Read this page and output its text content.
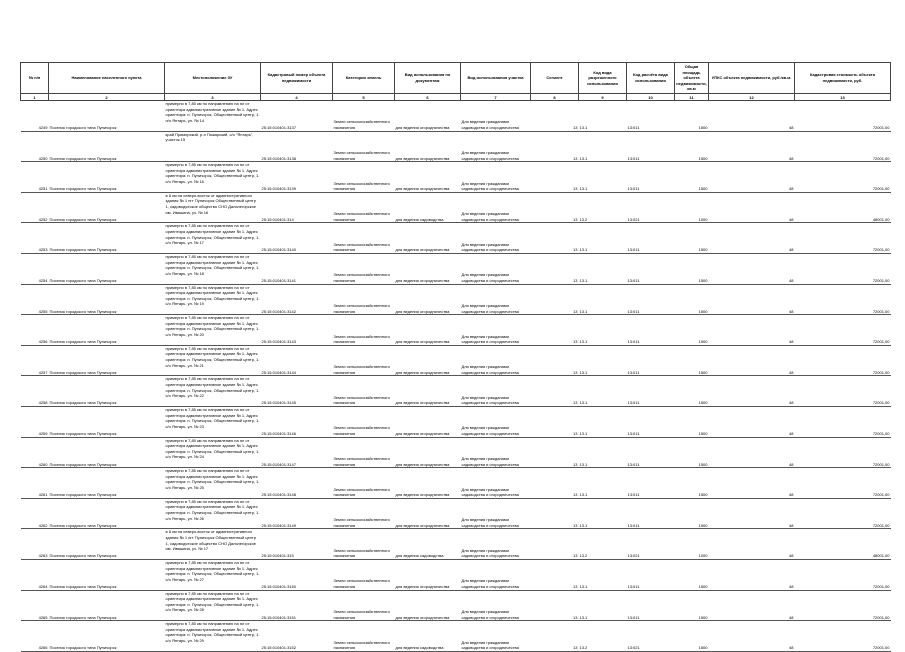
№ п/п	Наименование населенного пункта	Местоположение ЗУ	Кадастровый номер объекта недвижимости	Категория земель	Вид использования по документам	Вид использования участка	Сегмент	Код вида разрешенного использования	Код расчёта вида использования	Общая площадь объекта недвижимости, кв.м	УПКС объекта недвижимости, руб./кв.м.	Кадастровая стоимость объекта недвижимости, руб.
1	2	3	4	5	6	7	8	9	10	11	12	13
4249	Поселок городского типа Пуничорск	примерно в 7,85 км по направлению на юг от ориентира административное здание № 1. Адрес ориентира: п. Пуничорск, Общественный центр, 1. п/о Янтарь, ул. № 14	25:15:010401:3137	Земли сельскохозяйственного назначения	для ведения огородничества	Для ведения гражданами садоводства и огородничества	13	13.1	13:011	1500	48	72001,00
4250	Поселок городского типа Пуничорск	край Приморский, р-н Пожарский, с/о "Янтарь", участок 15	25:15:010401:3138	Земли сельскохозяйственного назначения	для ведения огородничества	Для ведения гражданами садоводства и огородничества	13	13.1	13:011	1500	48	72001,00
4251	Поселок городского типа Пуничорск	примерно в 7,85 км по направлению на юг от ориентира административное здание № 1. Адрес ориентира: п. Пуничорск, Общественный центр, 1. с/о Янтарь, ул. № 16	25:15:010401:3139	Земли сельскохозяйственного назначения	для ведения огородничества	Для ведения гражданами садоводства и огородничества	13	13.1	13:011	1500	48	72001,00
4252	Поселок городского типа Пуничорск	в 8 км на северо-восток от административного здания № 1 пгт Пуничорск Общественный центр 1, садоводческое общество СНО Дальнегорское им. Ивашина, уч. № 16	25:15:010401:314	Земли сельскохозяйственного назначения	для ведения садоводства	Для ведения гражданами садоводства и огородничества	13	13.2	13:021	1000	48	48001,00
4253	Поселок городского типа Пуничорск	примерно в 7,85 км по направлению на юг от ориентира административное здание № 1. Адрес ориентира: п. Пуничорск, Общественный центр, 1. с/о Янтарь, ул. № 17	25:15:010401:3140	Земли сельскохозяйственного назначения	для ведения огородничества	Для ведения гражданами садоводства и огородничества	13	13.1	13:011	1500	48	72001,00
4254	Поселок городского типа Пуничорск	примерно в 7,85 км по направлению на юг от ориентира административное здание № 1. Адрес ориентира: п. Пуничорск, Общественный центр, 1. с/о Янтарь, ул. № 18	25:15:010401:3141	Земли сельскохозяйственного назначения	для ведения огородничества	Для ведения гражданами садоводства и огородничества	13	13.1	13:011	1500	48	72001,00
4255	Поселок городского типа Пуничорск	примерно в 7,85 км по направлению на юг от ориентира административное здание № 1. Адрес ориентира: п. Пуничорск, Общественный центр, 1. с/о Янтарь, ул. № 19	25:15:010401:3142	Земли сельскохозяйственного назначения	для ведения огородничества	Для ведения гражданами садоводства и огородничества	13	13.1	13:011	1500	48	72001,00
4256	Поселок городского типа Пуничорск	примерно в 7,85 км по направлению на юг от ориентира административное здание № 1. Адрес ориентира: п. Пуничорск, Общественный центр, 1. с/о Янтарь, ул. № 20	25:15:010401:3143	Земли сельскохозяйственного назначения	для ведения огородничества	Для ведения гражданами садоводства и огородничества	13	13.1	13:011	1500	48	72001,00
4257	Поселок городского типа Пуничорск	примерно в 7,85 км по направлению на юг от ориентира административное здание № 1. Адрес ориентира: п. Пуничорск, Общественный центр, 1. с/о Янтарь, ул. № 21	25:15:010401:3144	Земли сельскохозяйственного назначения	для ведения огородничества	Для ведения гражданами садоводства и огородничества	13	13.1	13:011	1500	48	72001,00
4258	Поселок городского типа Пуничорск	примерно в 7,85 км по направлению на юг от ориентира административное здание № 1. Адрес ориентира: п. Пуничорск, Общественный центр, 1. с/о Янтарь, ул. № 22	25:15:010401:3145	Земли сельскохозяйственного назначения	для ведения огородничества	Для ведения гражданами садоводства и огородничества	13	13.1	13:011	1500	48	72001,00
4259	Поселок городского типа Пуничорск	примерно в 7,85 км по направлению на юг от ориентира административное здание № 1. Адрес ориентира: п. Пуничорск, Общественный центр, 1. с/о Янтарь, ул. № 23	25:15:010401:3146	Земли сельскохозяйственного назначения	для ведения огородничества	Для ведения гражданами садоводства и огородничества	13	13.1	13:011	1500	48	72001,00
4260	Поселок городского типа Пуничорск	примерно в 7,85 км по направлению на юг от ориентира административное здание № 1. Адрес ориентира: п. Пуничорск, Общественный центр, 1. с/о Янтарь, ул. № 24	25:15:010401:3147	Земли сельскохозяйственного назначения	для ведения огородничества	Для ведения гражданами садоводства и огородничества	13	13.1	13:011	1500	48	72001,00
4261	Поселок городского типа Пуничорск	примерно в 7,85 км по направлению на юг от ориентира административное здание № 1. Адрес ориентира: п. Пуничорск, Общественный центр, 1. с/о Янтарь, ул. № 25	25:15:010401:3148	Земли сельскохозяйственного назначения	для ведения огородничества	Для ведения гражданами садоводства и огородничества	13	13.1	13:011	1500	48	72001,00
4262	Поселок городского типа Пуничорск	примерно в 7,85 км по направлению на юг от ориентира административное здание № 1. Адрес ориентира: п. Пуничорск, Общественный центр, 1. с/о Янтарь, ул. № 26	25:15:010401:3149	Земли сельскохозяйственного назначения	для ведения огородничества	Для ведения гражданами садоводства и огородничества	13	13.1	13:011	1500	48	72001,00
4263	Поселок городского типа Пуничорск	в 8 км на северо-восток от административного здания № 1 пгт Пуничорск Общественный центр 1, садоводческое общество СНО Дальнегорское им. Ивашина, уч. № 17	25:15:010401:315	Земли сельскохозяйственного назначения	для ведения садоводства	Для ведения гражданами садоводства и огородничества	13	13.2	13:021	1000	48	48001,00
4264	Поселок городского типа Пуничорск	примерно в 7,85 км по направлению на юг от ориентира административное здание № 1. Адрес ориентира: п. Пуничорск, Общественный центр, 1. с/о Янтарь, ул. № 27	25:15:010401:3150	Земли сельскохозяйственного назначения	для ведения огородничества	Для ведения гражданами садоводства и огородничества	13	13.1	13:011	1500	48	72001,00
4265	Поселок городского типа Пуничорск	примерно в 7,85 км по направлению на юг от ориентира административное здание № 1. Адрес ориентира: п. Пуничорск, Общественный центр, 1. с/о Янтарь, ул. № 28	25:15:010401:3151	Земли сельскохозяйственного назначения	для ведения огородничества	Для ведения гражданами садоводства и огородничества	13	13.1	13:011	1500	48	72001,00
4266	Поселок городского типа Пуничорск	примерно в 7,85 км по направлению на юг от ориентира административное здание № 1. Адрес ориентира: п. Пуничорск, Общественный центр, 1. с/о Янтарь, ул. № 29	25:15:010401:3152	Земли сельскохозяйственного назначения	для ведения садоводства	Для ведения гражданами садоводства и огородничества	13	13.2	13:021	1500	48	72001,00
